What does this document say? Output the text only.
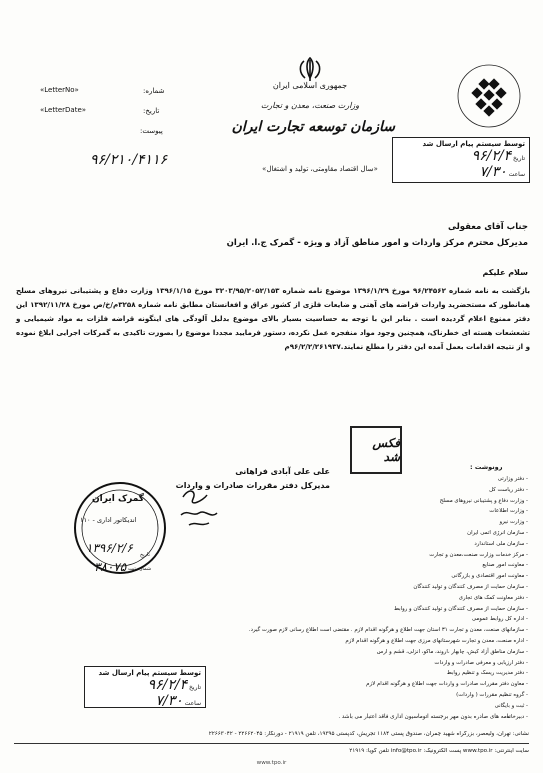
جمهوری اسلامی ایران
وزارت صنعت، معدن و تجارت
سازمان توسعه تجارت ایران
«سال اقتصاد مقاومتی، تولید و اشتغال»
«LetterNo»
«LetterDate»
شماره:
تاریخ:
پیوست:
۹۶/۲۱۰/۴۱۱۶
توسط سیستم پیام ارسال شد
تاریخ ۹۶/۲/۴
ساعت ۷/۳۰
جناب آقای معقولی
مدیرکل محترم مرکز واردات و امور مناطق آزاد و ویژه - گمرک ج.ا. ایران
سلام علیکم
بازگشت به نامه شماره ۹۶/۲۴۵۶۲ مورخ ۱۳۹۶/۱/۲۹ موضوع نامه شماره ۳۲۰۳/۹۵/۲۰۵۲/۱۵۳ مورخ ۱۳۹۶/۱/۱۵ وزارت دفاع و پشتیبانی نیروهای مسلح همانطور که مستحضرید واردات قراضه های آهنی و ضایعات فلزی از کشور عراق و افغانستان مطابق نامه شماره ۳۲۵۸م/خ/ص مورخ ۱۳۹۲/۱۱/۲۸ این دفتر ممنوع اعلام گردیده است . بنابر این با توجه به حساسیت بسیار بالای موضوع بدلیل آلودگی های اینگونه قراضه فلزات به مواد شیمیایی و تشعشعات هسته ای خطرناک، همچنین وجود مواد منفجره عمل نکرده، دستور فرمایید مجددا موضوع را بصورت تاکیدی به گمرکات اجرایی ابلاغ نموده و از نتیجه اقدامات بعمل آمده این دفتر را مطلع نمایند.۹۶/۲/۲/۲۶۱۹۳۷م
علی علی آبادی فراهانی
مدیرکل دفتر مقررات صادرات و واردات
فکس شد
گمرک ایران
اندیکاتور اداری - ۱۱۰
۱۳۹۶/۲/۶
۳۸۰۷۵
تاریخ
شماره ثبت
رونوشت :
- دفتر وزارتی
- دفتر ریاست کل
- وزارت دفاع و پشتیبانی نیروهای مسلح
- وزارت اطلاعات
- وزارت نیرو
- سازمان انرژی اتمی ایران
- سازمان ملی استاندارد
- مرکز خدمات وزارت صنعت،معدن و تجارت
- معاونت امور صنایع
- معاونت امور اقتصادی و بازرگانی
- سازمان حمایت از مصرف کنندگان و تولید کنندگان
- دفتر معاونت کمک های تجاری
- سازمان حمایت از مصرف کنندگان و تولید کنندگان و روابط
- اداره کل روابط عمومی
- سازمانهای صنعت، معدن و تجارت ۳۱ استان جهت اطلاع و هرگونه اقدام لازم . مقتضی است اطلاع رسانی لازم صورت گیرد.
- اداره صنعت، معدن و تجارت شهرستانهای مرزی جهت اطلاع و هرگونه اقدام لازم
- سازمان مناطق آزاد کیش، چابهار ،اروند، ماکو، انزلی، قشم و ارس
- دفتر ارزیابی و معرفی صادرات و واردات
- دفتر مدیریت ریسک و تنظیم روابط
- معاون دفتر مقررات صادرات و واردات جهت اطلاع و هرگونه اقدام لازم
- گروه تنظیم مقررات ( واردات)
- ثبت و بایگانی
- دبیرخانه
توسط سیستم پیام ارسال شد
تاریخ ۹۶/۲/۴
ساعت ۷/۳۰
نامه های صادره بدون مهر برجسته اتوماسیون اداری فاقد اعتبار می باشد .
نشانی: تهران، ولیعصر، بزرگراه شهید چمران، صندوق پستی ۱۱۸۴ تجریش، کدپستی ۱۹۳۹۵، تلفن ۲۱۹۱۹ - دورنگار: ۲۲۶۶۲۰۴۵ - ۲۲۶۶۳۰۴۲
سایت اینترنتی: www.tpo.ir پست الکترونیک: info@tpo.ir تلفن گویا: ۲۱۹۱۹
www.tpo.ir
